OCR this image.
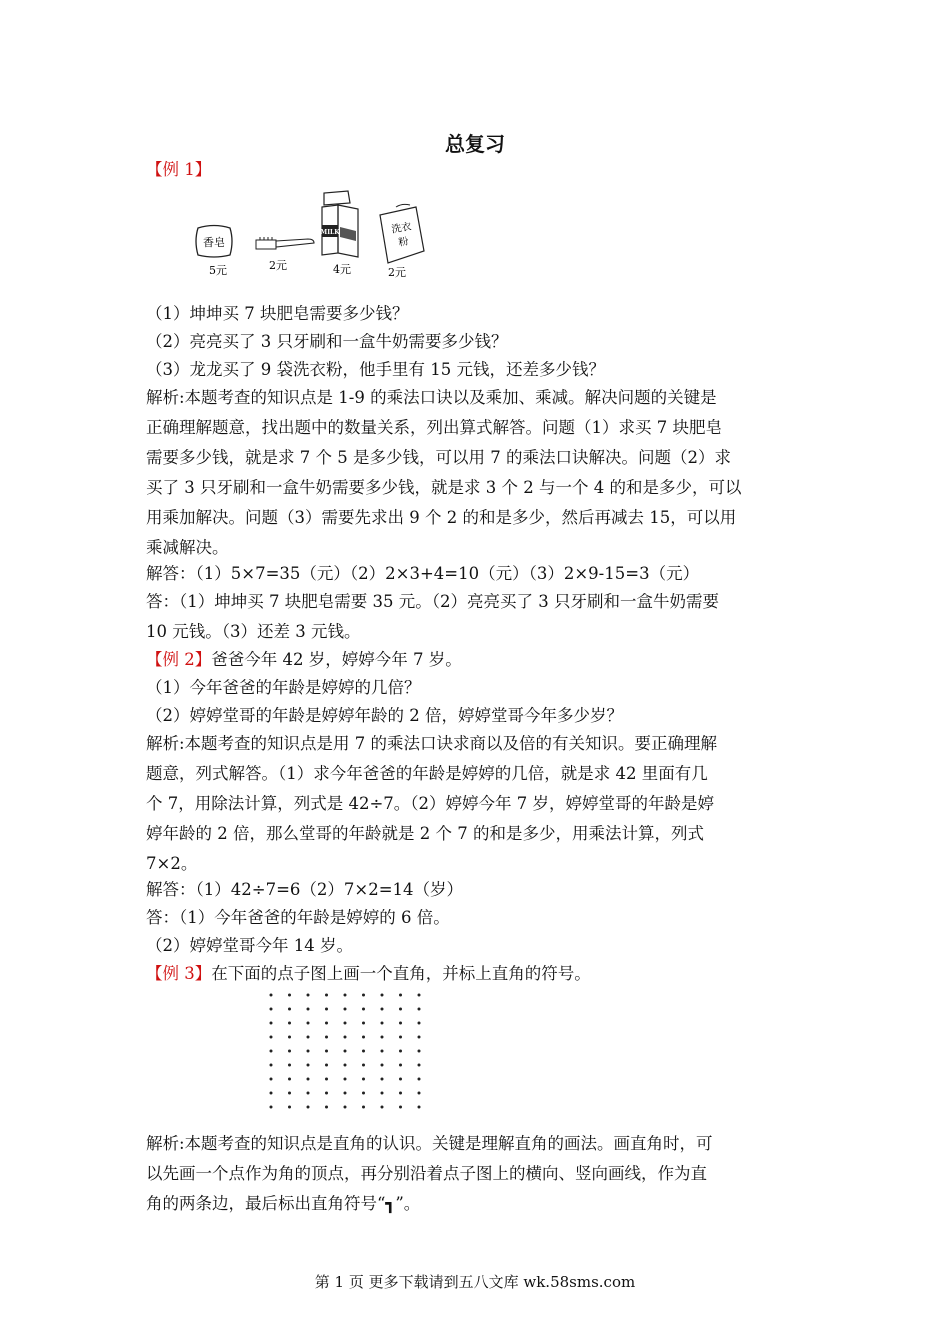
总复习
【例 1】
香皂
5元	2元
MILK
4元
洗衣
粉
2元
（1）坤坤买 7 块肥皂需要多少钱？
（2）亮亮买了 3 只牙刷和一盒牛奶需要多少钱？
（3）龙龙买了 9 袋洗衣粉，他手里有 15 元钱，还差多少钱？
解析:本题考查的知识点是 1-9 的乘法口诀以及乘加、乘减。解决问题的关键是
正确理解题意，找出题中的数量关系，列出算式解答。问题（1）求买 7 块肥皂
需要多少钱，就是求 7 个 5 是多少钱，可以用 7 的乘法口诀解决。问题（2）求
买了 3 只牙刷和一盒牛奶需要多少钱，就是求 3 个 2 与一个 4 的和是多少，可以
用乘加解决。问题（3）需要先求出 9 个 2 的和是多少，然后再减去 15，可以用
乘减解决。
解答：（1）5×7=35（元）（2）2×3+4=10（元）（3）2×9-15=3（元）
答：（1）坤坤买 7 块肥皂需要 35 元。（2）亮亮买了 3 只牙刷和一盒牛奶需要
10 元钱。（3）还差 3 元钱。
【例 2】爸爸今年 42 岁，婷婷今年 7 岁。
（1）今年爸爸的年龄是婷婷的几倍？
（2）婷婷堂哥的年龄是婷婷年龄的 2 倍，婷婷堂哥今年多少岁？
解析:本题考查的知识点是用 7 的乘法口诀求商以及倍的有关知识。要正确理解
题意，列式解答。（1）求今年爸爸的年龄是婷婷的几倍，就是求 42 里面有几
个 7，用除法计算，列式是 42÷7。（2）婷婷今年 7 岁，婷婷堂哥的年龄是婷
婷年龄的 2 倍，那么堂哥的年龄就是 2 个 7 的和是多少，用乘法计算，列式
7×2。
解答：（1）42÷7=6（2）7×2=14（岁）
答：（1）今年爸爸的年龄是婷婷的 6 倍。
（2）婷婷堂哥今年 14 岁。
【例 3】在下面的点子图上画一个直角，并标上直角的符号。
解析:本题考查的知识点是直角的认识。关键是理解直角的画法。画直角时，可
以先画一个点作为角的顶点，再分别沿着点子图上的横向、竖向画线，作为直
角的两条边，最后标出直角符号“┓”。
第 1 页 更多下载请到五八文库 wk.58sms.com
